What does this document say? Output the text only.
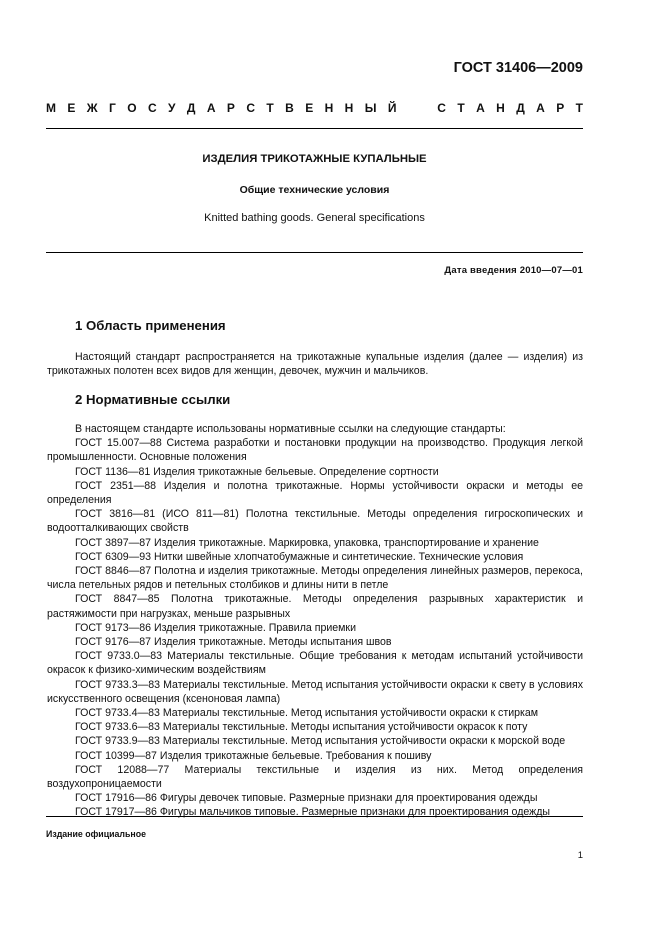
ГОСТ 31406—2009
М Е Ж Г О С У Д А Р С Т В Е Н Н Ы Й	С Т А Н Д А Р Т
ИЗДЕЛИЯ ТРИКОТАЖНЫЕ КУПАЛЬНЫЕ
Общие технические условия
Knitted bathing goods. General specifications
Дата введения 2010—07—01
1 Область применения
Настоящий стандарт распространяется на трикотажные купальные изделия (далее — изделия) из трикотажных полотен всех видов для женщин, девочек, мужчин и мальчиков.
2 Нормативные ссылки
В настоящем стандарте использованы нормативные ссылки на следующие стандарты:
ГОСТ 15.007—88 Система разработки и постановки продукции на производство. Продукция легкой промышленности. Основные положения
ГОСТ 1136—81 Изделия трикотажные бельевые. Определение сортности
ГОСТ 2351—88 Изделия и полотна трикотажные. Нормы устойчивости окраски и методы ее определения
ГОСТ 3816—81 (ИСО 811—81) Полотна текстильные. Методы определения гигроскопических и водоотталкивающих свойств
ГОСТ 3897—87 Изделия трикотажные. Маркировка, упаковка, транспортирование и хранение
ГОСТ 6309—93 Нитки швейные хлопчатобумажные и синтетические. Технические условия
ГОСТ 8846—87 Полотна и изделия трикотажные. Методы определения линейных размеров, перекоса, числа петельных рядов и петельных столбиков и длины нити в петле
ГОСТ 8847—85 Полотна трикотажные. Методы определения разрывных характеристик и растяжимости при нагрузках, меньше разрывных
ГОСТ 9173—86 Изделия трикотажные. Правила приемки
ГОСТ 9176—87 Изделия трикотажные. Методы испытания швов
ГОСТ 9733.0—83 Материалы текстильные. Общие требования к методам испытаний устойчивости окрасок к физико-химическим воздействиям
ГОСТ 9733.3—83 Материалы текстильные. Метод испытания устойчивости окраски к свету в условиях искусственного освещения (ксеноновая лампа)
ГОСТ 9733.4—83 Материалы текстильные. Метод испытания устойчивости окраски к стиркам
ГОСТ 9733.6—83 Материалы текстильные. Методы испытания устойчивости окрасок к поту
ГОСТ 9733.9—83 Материалы текстильные. Метод испытания устойчивости окраски к морской воде
ГОСТ 10399—87 Изделия трикотажные бельевые. Требования к пошиву
ГОСТ 12088—77 Материалы текстильные и изделия из них. Метод определения воздухопроницаемости
ГОСТ 17916—86 Фигуры девочек типовые. Размерные признаки для проектирования одежды
ГОСТ 17917—86 Фигуры мальчиков типовые. Размерные признаки для проектирования одежды
Издание официальное
1
